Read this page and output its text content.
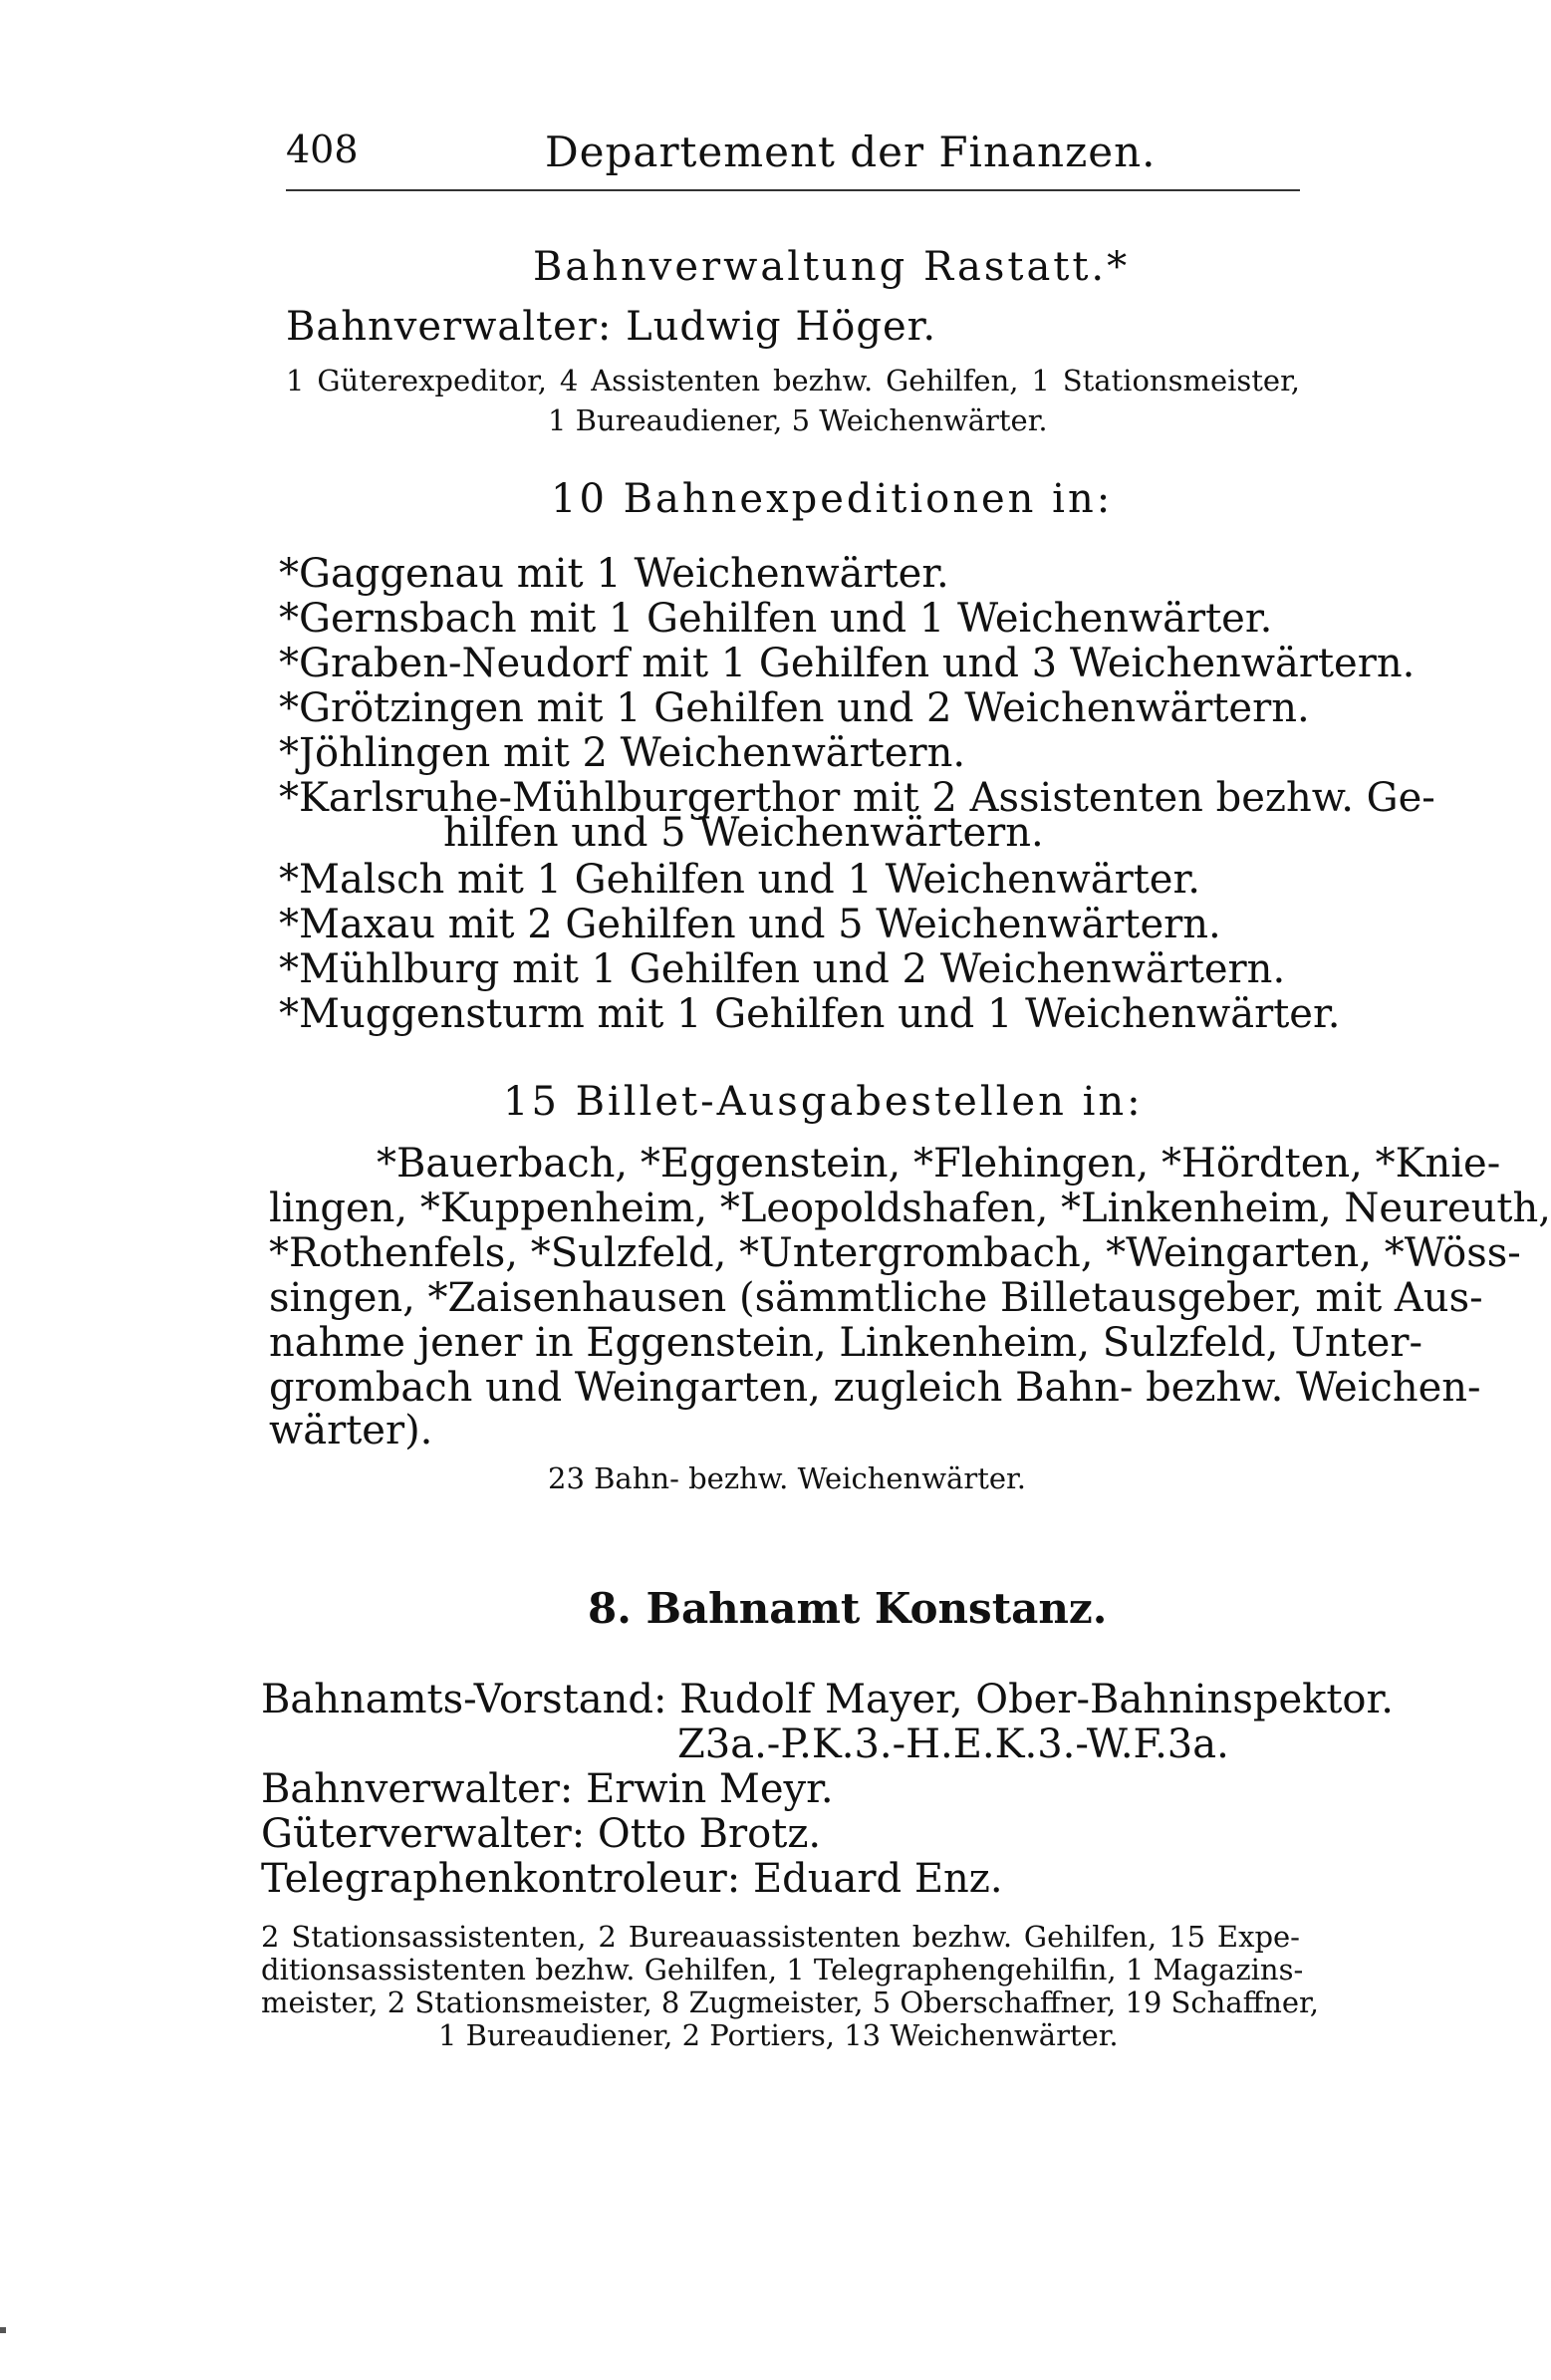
408	Departement der Finanzen.
Bahnverwaltung Rastatt.*
Bahnverwalter: Ludwig Höger.
1 Güterexpeditor, 4 Assistenten bezhw. Gehilfen, 1 Stationsmeister,
1 Bureaudiener, 5 Weichenwärter.
10 Bahnexpeditionen in:
*Gaggenau mit 1 Weichenwärter.
*Gernsbach mit 1 Gehilfen und 1 Weichenwärter.
*Graben-Neudorf mit 1 Gehilfen und 3 Weichenwärtern.
*Grötzingen mit 1 Gehilfen und 2 Weichenwärtern.
*Jöhlingen mit 2 Weichenwärtern.
*Karlsruhe-Mühlburgerthor mit 2 Assistenten bezhw. Ge-
hilfen und 5 Weichenwärtern.
*Malsch mit 1 Gehilfen und 1 Weichenwärter.
*Maxau mit 2 Gehilfen und 5 Weichenwärtern.
*Mühlburg mit 1 Gehilfen und 2 Weichenwärtern.
*Muggensturm mit 1 Gehilfen und 1 Weichenwärter.
15 Billet-Ausgabestellen in:
*Bauerbach, *Eggenstein, *Flehingen, *Hördten, *Knie-
lingen, *Kuppenheim, *Leopoldshafen, *Linkenheim, Neureuth,
*Rothenfels, *Sulzfeld, *Untergrombach, *Weingarten, *Wöss-
singen, *Zaisenhausen (sämmtliche Billetausgeber, mit Aus-
nahme jener in Eggenstein, Linkenheim, Sulzfeld, Unter-
grombach und Weingarten, zugleich Bahn- bezhw. Weichen-
wärter).
23 Bahn- bezhw. Weichenwärter.
8. Bahnamt Konstanz.
Bahnamts-Vorstand: Rudolf Mayer, Ober-Bahninspektor.
Z3a.-P.K.3.-H.E.K.3.-W.F.3a.
Bahnverwalter: Erwin Meyr.
Güterverwalter: Otto Brotz.
Telegraphenkontroleur: Eduard Enz.
2 Stationsassistenten, 2 Bureauassistenten bezhw. Gehilfen, 15 Expe-
ditionsassistenten bezhw. Gehilfen, 1 Telegraphengehilfin, 1 Magazins-
meister, 2 Stationsmeister, 8 Zugmeister, 5 Oberschaffner, 19 Schaffner,
1 Bureaudiener, 2 Portiers, 13 Weichenwärter.
